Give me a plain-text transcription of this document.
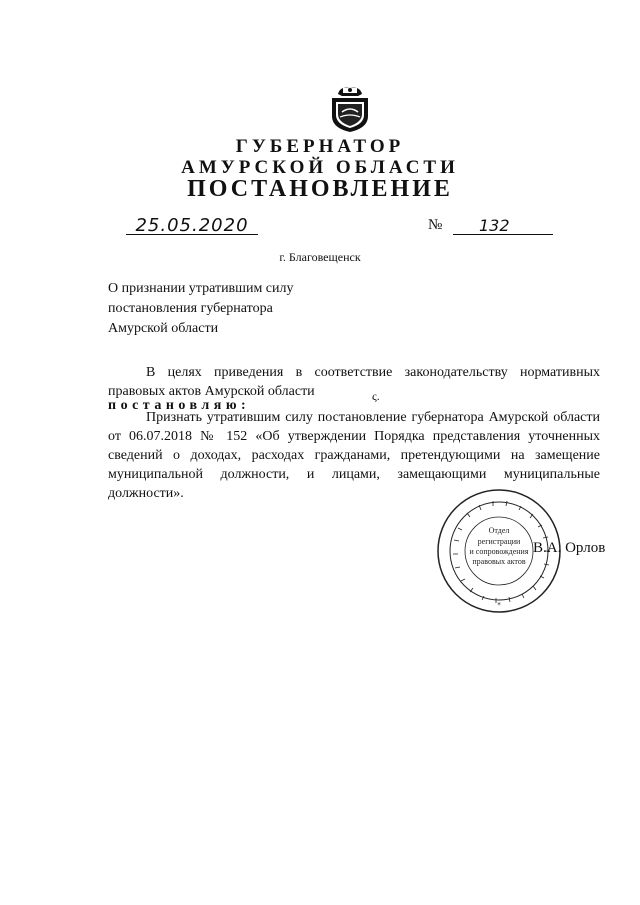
ГУБЕРНАТОР
АМУРСКОЙ ОБЛАСТИ
ПОСТАНОВЛЕНИЕ
25.05.2020	№	132
г. Благовещенск
О признании утратившим силу
постановления губернатора
Амурской области
В целях приведения в соответствие законодательству нормативных правовых актов Амурской области	ς.
постановляю:
Признать утратившим силу постановление губернатора Амурской области от 06.07.2018 № 152 «Об утверждении Порядка представления уточненных сведений о доходах, расходах гражданами, претендующими на замещение муниципальной должности, и лицами, замещающими муниципальные должности».
*
Отдел
регистрации
и сопровождения
правовых актов
В.А. Орлов
